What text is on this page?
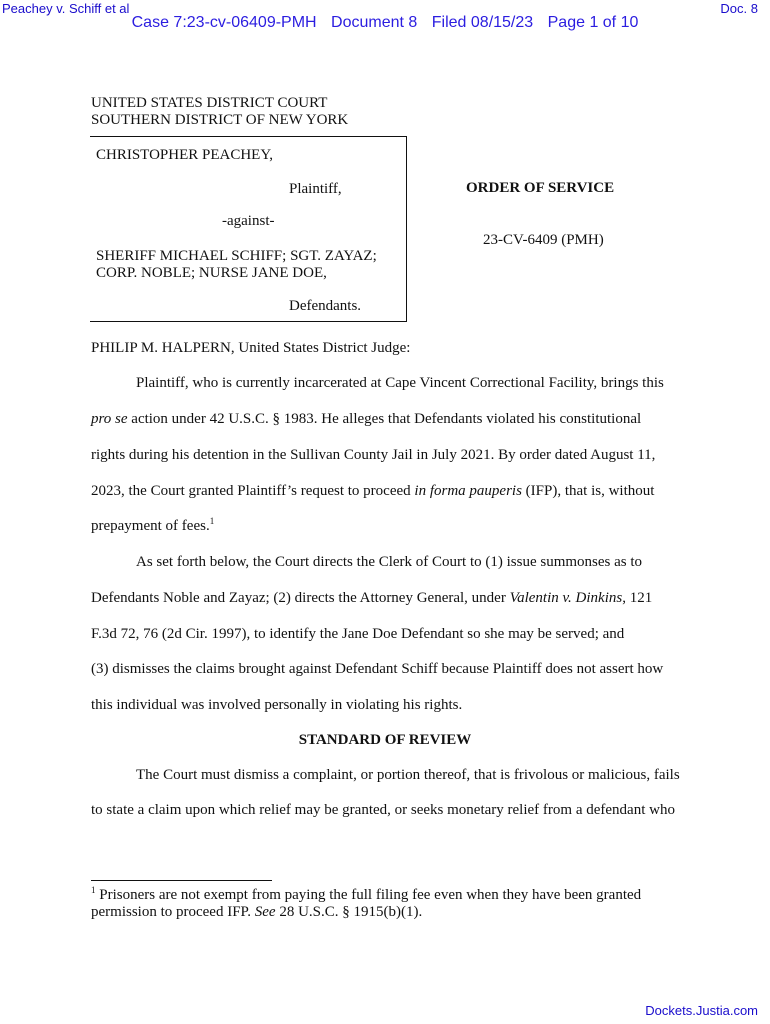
Peachey v. Schiff et al	Doc. 8
Case 7:23-cv-06409-PMH Document 8 Filed 08/15/23 Page 1 of 10
UNITED STATES DISTRICT COURT
SOUTHERN DISTRICT OF NEW YORK
CHRISTOPHER PEACHEY,
Plaintiff,
-against-
SHERIFF MICHAEL SCHIFF; SGT. ZAYAZ;
CORP. NOBLE; NURSE JANE DOE,
Defendants.
ORDER OF SERVICE
23-CV-6409 (PMH)
PHILIP M. HALPERN, United States District Judge:
Plaintiff, who is currently incarcerated at Cape Vincent Correctional Facility, brings this
pro se action under 42 U.S.C. § 1983. He alleges that Defendants violated his constitutional
rights during his detention in the Sullivan County Jail in July 2021. By order dated August 11,
2023, the Court granted Plaintiff’s request to proceed in forma pauperis (IFP), that is, without
prepayment of fees.$^1$
As set forth below, the Court directs the Clerk of Court to (1) issue summonses as to
Defendants Noble and Zayaz; (2) directs the Attorney General, under Valentin v. Dinkins, 121
F.3d 72, 76 (2d Cir. 1997), to identify the Jane Doe Defendant so she may be served; and
(3) dismisses the claims brought against Defendant Schiff because Plaintiff does not assert how
this individual was involved personally in violating his rights.
STANDARD OF REVIEW
The Court must dismiss a complaint, or portion thereof, that is frivolous or malicious, fails
to state a claim upon which relief may be granted, or seeks monetary relief from a defendant who
$^1$ Prisoners are not exempt from paying the full filing fee even when they have been granted
permission to proceed IFP. See 28 U.S.C. § 1915(b)(1).
Dockets.Justia.com
